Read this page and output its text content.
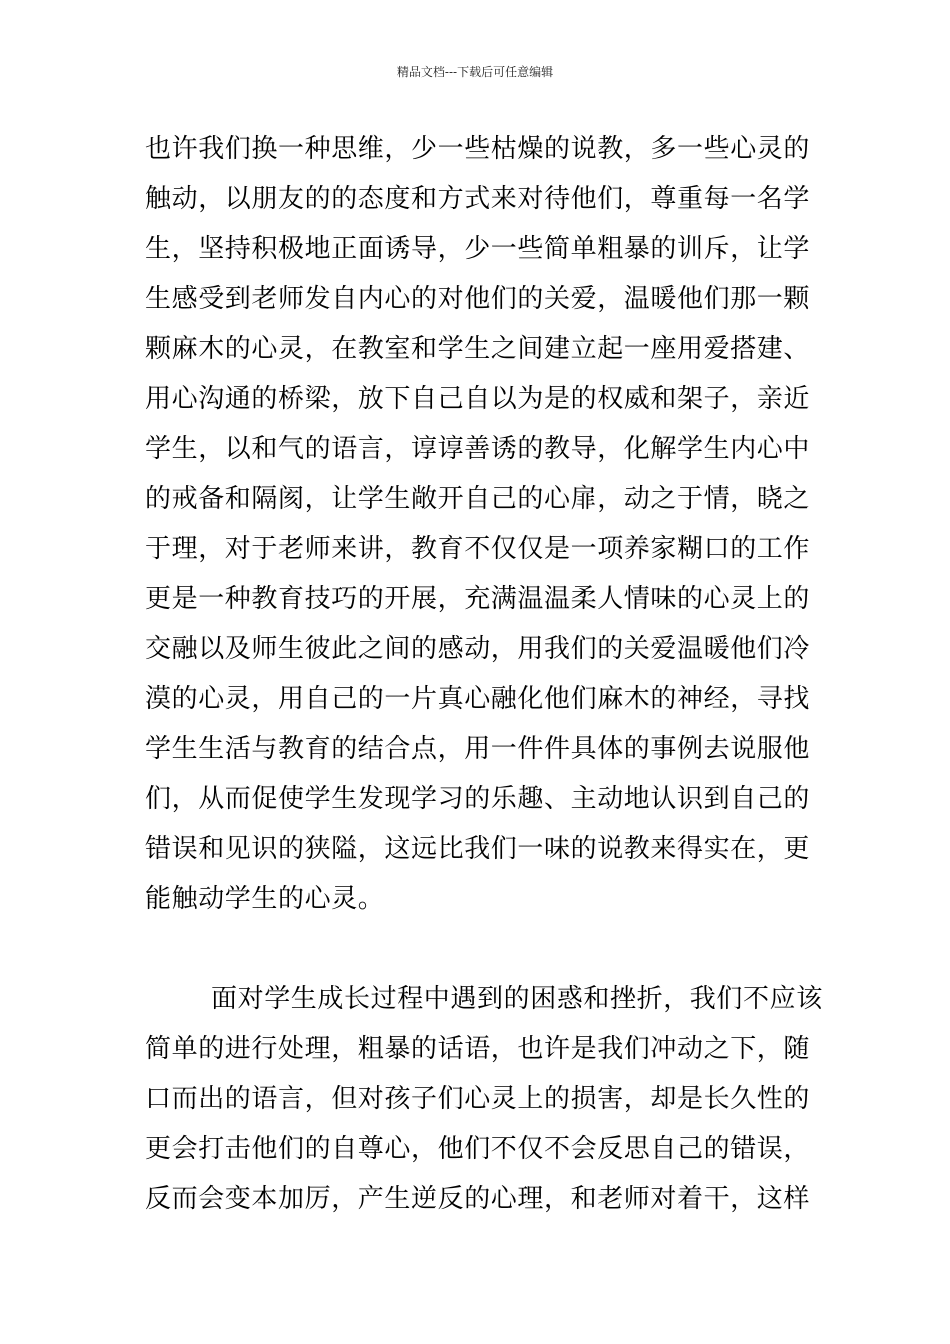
精品文档---下载后可任意编辑
也许我们换一种思维，少一些枯燥的说教，多一些心灵的
触动，以朋友的的态度和方式来对待他们，尊重每一名学
生，坚持积极地正面诱导，少一些简单粗暴的训斥，让学
生感受到老师发自内心的对他们的关爱，温暖他们那一颗
颗麻木的心灵，在教室和学生之间建立起一座用爱搭建、
用心沟通的桥梁，放下自己自以为是的权威和架子，亲近
学生，以和气的语言，谆谆善诱的教导，化解学生内心中
的戒备和隔阂，让学生敞开自己的心扉，动之于情，晓之
于理，对于老师来讲，教育不仅仅是一项养家糊口的工作
更是一种教育技巧的开展，充满温温柔人情味的心灵上的
交融以及师生彼此之间的感动，用我们的关爱温暖他们冷
漠的心灵，用自己的一片真心融化他们麻木的神经，寻找
学生生活与教育的结合点，用一件件具体的事例去说服他
们，从而促使学生发现学习的乐趣、主动地认识到自己的
错误和见识的狭隘，这远比我们一味的说教来得实在，更
能触动学生的心灵。
面对学生成长过程中遇到的困惑和挫折，我们不应该
简单的进行处理，粗暴的话语，也许是我们冲动之下，随
口而出的语言，但对孩子们心灵上的损害，却是长久性的
更会打击他们的自尊心，他们不仅不会反思自己的错误，
反而会变本加厉，产生逆反的心理，和老师对着干，这样
